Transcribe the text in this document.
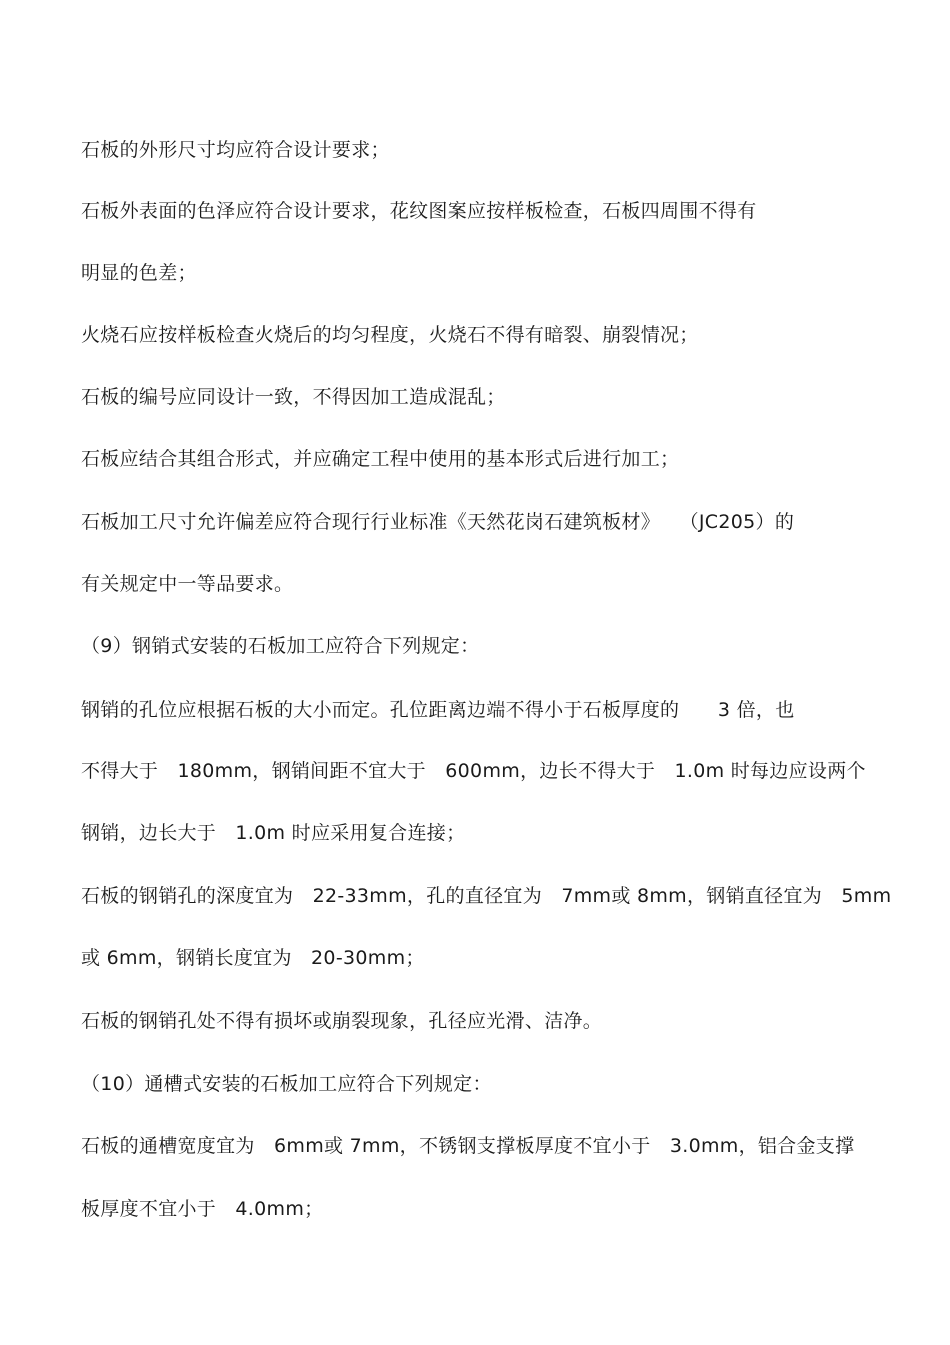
石板的外形尺寸均应符合设计要求；
石板外表面的色泽应符合设计要求，花纹图案应按样板检查，石板四周围不得有
明显的色差；
火烧石应按样板检查火烧后的均匀程度，火烧石不得有暗裂、崩裂情况；
石板的编号应同设计一致，不得因加工造成混乱；
石板应结合其组合形式，并应确定工程中使用的基本形式后进行加工；
石板加工尺寸允许偏差应符合现行行业标准《天然花岗石建筑板材》　　（JC205）的
有关规定中一等品要求。
（9）钢销式安装的石板加工应符合下列规定：
钢销的孔位应根据石板的大小而定。孔位距离边端不得小于石板厚度的　　3 倍，也
不得大于　180mm，钢销间距不宜大于　600mm，边长不得大于　1.0m 时每边应设两个
钢销，边长大于　1.0m 时应采用复合连接；
石板的钢销孔的深度宜为　22-33mm，孔的直径宜为　7mm或 8mm，钢销直径宜为　5mm
或 6mm，钢销长度宜为　20-30mm；
石板的钢销孔处不得有损坏或崩裂现象，孔径应光滑、洁净。
（10）通槽式安装的石板加工应符合下列规定：
石板的通槽宽度宜为　6mm或 7mm，不锈钢支撑板厚度不宜小于　3.0mm，铝合金支撑
板厚度不宜小于　4.0mm；
